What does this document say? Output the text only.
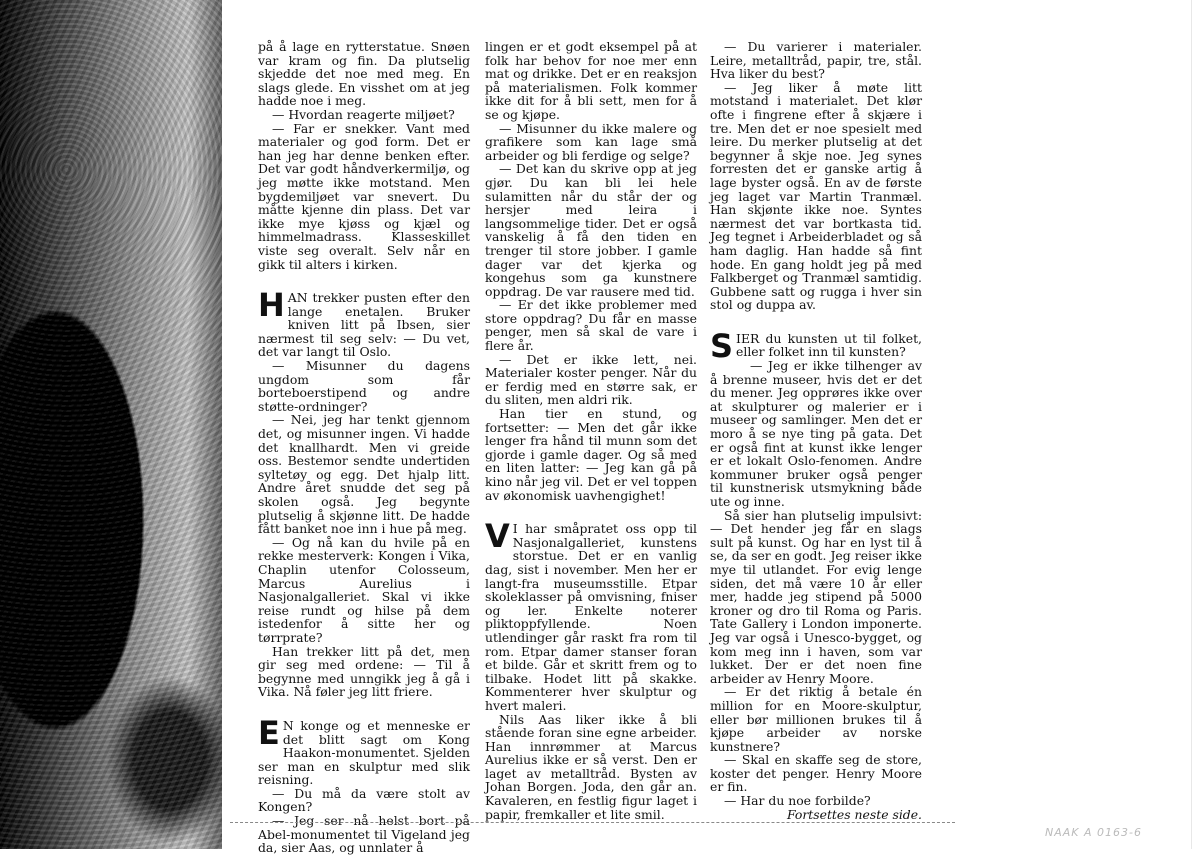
på å lage en rytterstatue. Snøen var kram og fin. Da plutselig skjedde det noe med meg. En slags glede. En visshet om at jeg hadde noe i meg.

— Hvordan reagerte miljøet?

— Far er snekker. Vant med materialer og god form. Det er han jeg har denne benken efter. Det var godt håndverkermiljø, og jeg møtte ikke motstand. Men bygdemiljøet var snevert. Du måtte kjenne din plass. Det var ikke mye kjøss og kjæl og himmelmadrass. Klasseskillet viste seg overalt. Selv når en gikk til alters i kirken.

HAN trekker pusten efter den lange enetalen. Bruker kniven litt på Ibsen, sier nærmest til seg selv: — Du vet, det var langt til Oslo.

— Misunner du dagens ungdom som får borteboerstipend og andre støtte-ordninger?

— Nei, jeg har tenkt gjennom det, og misunner ingen. Vi hadde det knallhardt. Men vi greide oss. Bestemor sendte undertiden syltetøy og egg. Det hjalp litt. Andre året snudde det seg på skolen også. Jeg begynte plutselig å skjønne litt. De hadde fått banket noe inn i hue på meg.

— Og nå kan du hvile på en rekke mesterverk: Kongen i Vika, Chaplin utenfor Colosseum, Marcus Aurelius i Nasjonalgalleriet. Skal vi ikke reise rundt og hilse på dem istedenfor å sitte her og tørrprate?

Han trekker litt på det, men gir seg med ordene: — Til å begynne med unngikk jeg å gå i Vika. Nå føler jeg litt friere.

E N konge og et menneske er det blitt sagt om Kong Haakon-monumentet. Sjelden ser man en skulptur med slik reisning.

— Du må da være stolt av Kongen?

— Jeg ser nå helst bort på Abel-monumentet til Vigeland jeg da, sier Aas, og unnlater å

lingen er et godt eksempel på at folk har behov for noe mer enn mat og drikke. Det er en reaksjon på materialismen. Folk kommer ikke dit for å bli sett, men for å se og kjøpe.

— Misunner du ikke malere og grafikere som kan lage små arbeider og bli ferdige og selge?

— Det kan du skrive opp at jeg gjør. Du kan bli lei hele sulamitten når du står der og hersjer med leira i langsommelige tider. Det er også vanskelig å få den tiden en trenger til store jobber. I gamle dager var det kjerka og kongehus som ga kunstnere oppdrag. De var rausere med tid.

— Er det ikke problemer med store oppdrag? Du får en masse penger, men så skal de vare i flere år.

— Det er ikke lett, nei. Materialer koster penger. Når du er ferdig med en større sak, er du sliten, men aldri rik.

Han tier en stund, og fortsetter: — Men det går ikke lenger fra hånd til munn som det gjorde i gamle dager. Og så med en liten latter: — Jeg kan gå på kino når jeg vil. Det er vel toppen av økonomisk uavhengighet!

V I har småpratet oss opp til Nasjonalgalleriet, kunstens storstue. Det er en vanlig dag, sist i november. Men her er langt-fra museumsstille. Etpar skoleklasser på omvisning, fniser og ler. Enkelte noterer pliktoppfyllende. Noen utlendinger går raskt fra rom til rom. Etpar damer stanser foran et bilde. Går et skritt frem og to tilbake. Hodet litt på skakke. Kommenterer hver skulptur og hvert maleri.

Nils Aas liker ikke å bli stående foran sine egne arbeider. Han innrømmer at Marcus Aurelius ikke er så verst. Den er laget av metalltråd. Bysten av Johan Borgen. Joda, den går an. Kavaleren, en festlig figur laget i papir, fremkaller et lite smil.

— Du varierer i materialer. Leire, metalltråd, papir, tre, stål. Hva liker du best?

— Jeg liker å møte litt motstand i materialet. Det klør ofte i fingrene efter å skjære i tre. Men det er noe spesielt med leire. Du merker plutselig at det begynner å skje noe. Jeg synes forresten det er ganske artig å lage byster også. En av de første jeg laget var Martin Tranmæl. Han skjønte ikke noe. Syntes nærmest det var bortkasta tid. Jeg tegnet i Arbeiderbladet og så ham daglig. Han hadde så fint hode. En gang holdt jeg på med Falkberget og Tranmæl samtidig. Gubbene satt og rugga i hver sin stol og duppa av.

SIER du kunsten ut til folket, eller folket inn til kunsten?

— Jeg er ikke tilhenger av å brenne museer, hvis det er det du mener. Jeg opprøres ikke over at skulpturer og malerier er i museer og samlinger. Men det er moro å se nye ting på gata. Det er også fint at kunst ikke lenger er et lokalt Oslo-fenomen. Andre kommuner bruker også penger til kunstnerisk utsmykning både ute og inne.

Så sier han plutselig impulsivt: — Det hender jeg får en slags sult på kunst. Og har en lyst til å se, da ser en godt. Jeg reiser ikke mye til utlandet. For evig lenge siden, det må være 10 år eller mer, hadde jeg stipend på 5000 kroner og dro til Roma og Paris. Tate Gallery i London imponerte. Jeg var også i Unesco-bygget, og kom meg inn i haven, som var lukket. Der er det noen fine arbeider av Henry Moore.

— Er det riktig å betale én million for en Moore-skulptur, eller bør millionen brukes til å kjøpe arbeider av norske kunstnere?

— Skal en skaffe seg de store, koster det penger. Henry Moore er fin.

— Har du noe forbilde?

Fortsettes neste side.

NAAK A 0163-6
